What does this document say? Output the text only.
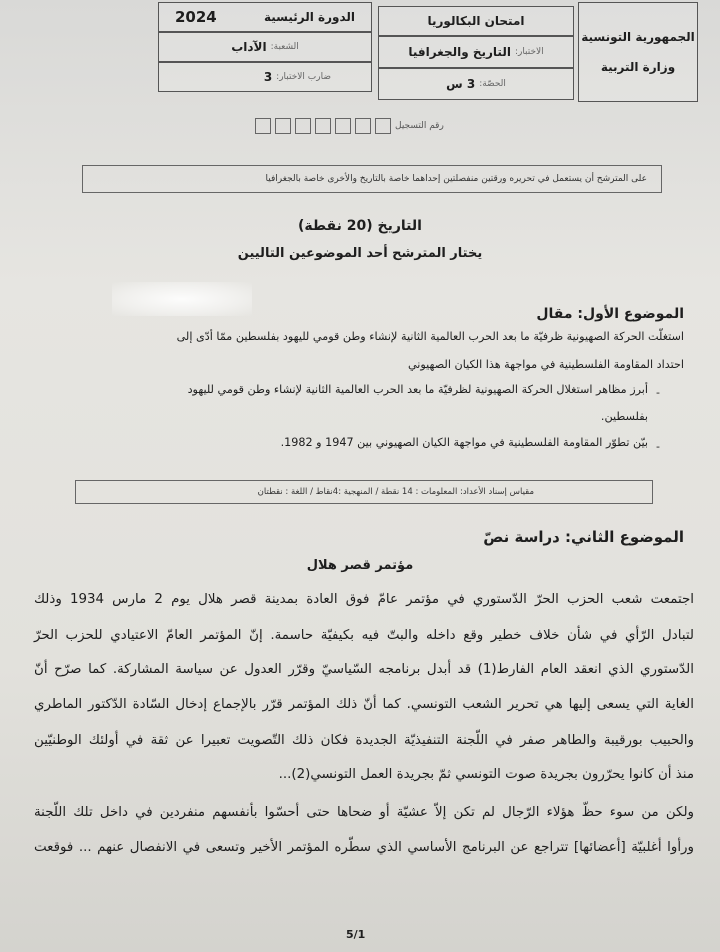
الجمهورية التونسية
وزارة التربية
امتحان البكالوريا
الاختبار:
التاريخ والجغرافيا
الحصّة:
3 س
الدورة الرئيسية
2024
الشعبة:
الآداب
ضارب الاختبار:
3
رقم التسجيل
على المترشح أن يستعمل في تحريره ورقتين منفصلتين إحداهما خاصة بالتاريخ والأخرى خاصة بالجغرافيا
التاريخ (20 نقطة)
يختار المترشح أحد الموضوعين التاليين
الموضوع الأول: مقال
استغلّت الحركة الصهيونية ظرفيّة ما بعد الحرب العالمية الثانية لإنشاء وطن قومي لليهود بفلسطين ممّا أدّى إلى
احتداد المقاومة الفلسطينية في مواجهة هذا الكيان الصهيوني
-
أبرز مظاهر استغلال الحركة الصهيونية لظرفيّة ما بعد الحرب العالمية الثانية لإنشاء وطن قومي لليهود
بفلسطين.
-
بيّن تطوّر المقاومة الفلسطينية في مواجهة الكيان الصهيوني بين 1947 و 1982.
مقياس إسناد الأعداد: المعلومات : 14 نقطة / المنهجية :4نقاط / اللغة : نقطتان
الموضوع الثاني: دراسة نصّ
مؤتمر قصر هلال
اجتمعت شعب الحزب الحرّ الدّستوري في مؤتمر عامّ فوق العادة بمدينة قصر هلال يوم 2 مارس 1934 وذلك
لتبادل الرّأي في شأن خلاف خطير وقع داخله والبتّ فيه بكيفيّة حاسمة. إنّ المؤتمر العامّ الاعتيادي للحزب الحرّ
الدّستوري الذي انعقد العام الفارط(1) قد أبدل برنامجه السّياسيّ وقرّر العدول عن سياسة المشاركة. كما صرّح أنّ
الغاية التي يسعى إليها هي تحرير الشعب التونسي. كما أنّ ذلك المؤتمر قرّر بالإجماع إدخال السّادة الدّكتور الماطري
والحبيب بورقيبة والطاهر صفر في اللّجنة التنفيذيّة الجديدة فكان ذلك التّصويت تعبيرا عن ثقة في أولئك الوطنيّين
منذ أن كانوا يحرّرون بجريدة صوت التونسي ثمّ بجريدة العمل التونسي(2)...
ولكن من سوء حظّ هؤلاء الرّجال لم تكن إلاّ عشيّة أو ضحاها حتى أحسّوا بأنفسهم منفردين في داخل تلك اللّجنة
ورأوا أغلبيّة [أعضائها] تتراجع عن البرنامج الأساسي الذي سطّره المؤتمر الأخير وتسعى في الانفصال عنهم ... فوقعت
5/1
